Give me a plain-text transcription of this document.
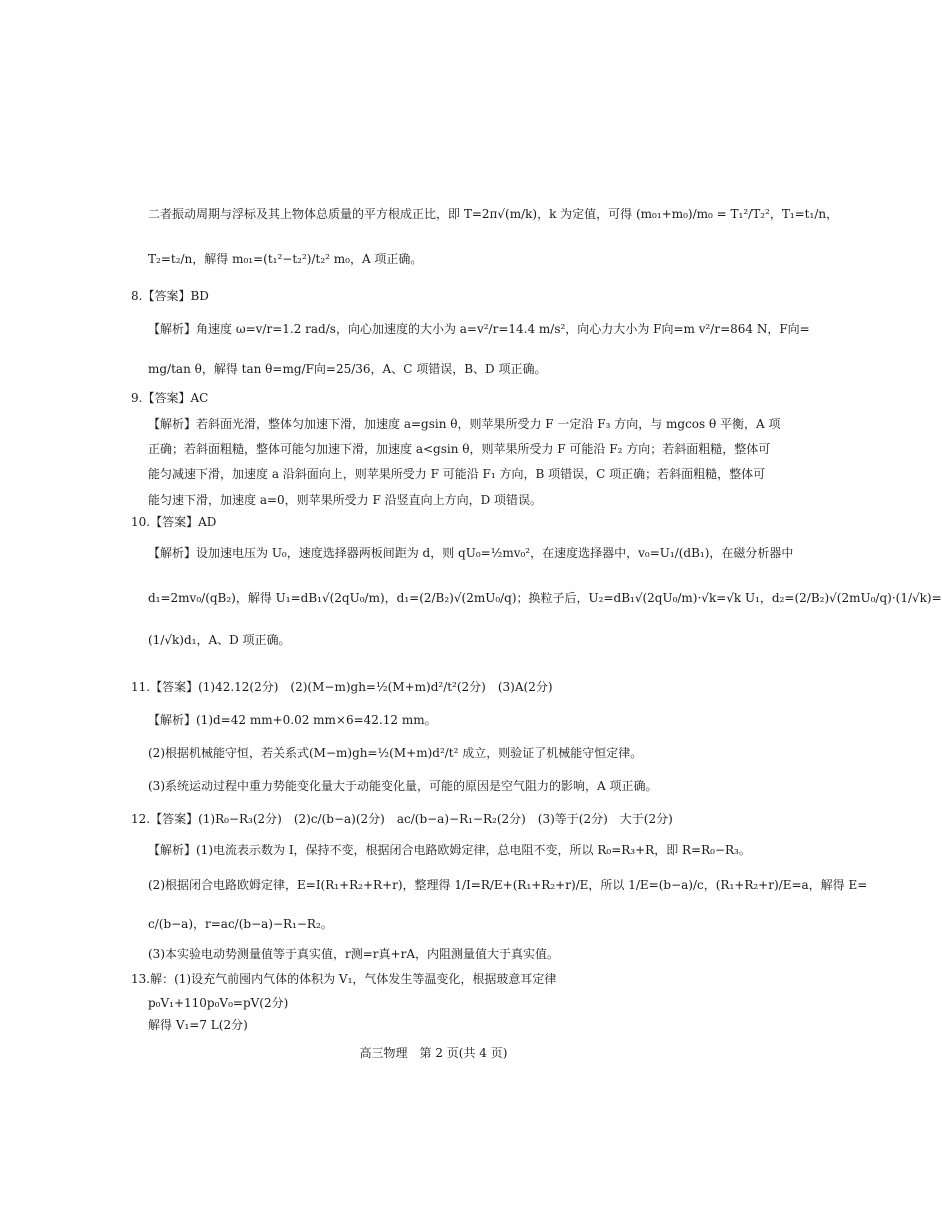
二者振动周期与浮标及其上物体总质量的平方根成正比，即 T=2π√(m/k)，k 为定值，可得 (m₀₁+m₀)/m₀ = T₁²/T₂²，T₁=t₁/n，
T₂=t₂/n，解得 m₀₁=(t₁²−t₂²)/t₂² m₀，A 项正确。
8.【答案】BD
【解析】角速度 ω=v/r=1.2 rad/s，向心加速度的大小为 a=v²/r=14.4 m/s²，向心力大小为 F向=m v²/r=864 N，F向=
mg/tan θ，解得 tan θ=mg/F向=25/36，A、C 项错误，B、D 项正确。
9.【答案】AC
【解析】若斜面光滑，整体匀加速下滑，加速度 a=gsin θ，则苹果所受力 F 一定沿 F₃ 方向，与 mgcos θ 平衡，A 项
正确；若斜面粗糙，整体可能匀加速下滑，加速度 a<gsin θ，则苹果所受力 F 可能沿 F₂ 方向；若斜面粗糙，整体可
能匀减速下滑，加速度 a 沿斜面向上，则苹果所受力 F 可能沿 F₁ 方向，B 项错误，C 项正确；若斜面粗糙，整体可
能匀速下滑，加速度 a=0，则苹果所受力 F 沿竖直向上方向，D 项错误。
10.【答案】AD
【解析】设加速电压为 U₀，速度选择器两板间距为 d，则 qU₀=½mv₀²，在速度选择器中，v₀=U₁/(dB₁)，在磁分析器中
d₁=2mv₀/(qB₂)，解得 U₁=dB₁√(2qU₀/m)，d₁=(2/B₂)√(2mU₀/q)；换粒子后，U₂=dB₁√(2qU₀/m)·√k=√k U₁，d₂=(2/B₂)√(2mU₀/q)·(1/√k)=
(1/√k)d₁，A、D 项正确。
11.【答案】(1)42.12(2分)　(2)(M−m)gh=½(M+m)d²/t²(2分)　(3)A(2分)
【解析】(1)d=42 mm+0.02 mm×6=42.12 mm。
(2)根据机械能守恒，若关系式(M−m)gh=½(M+m)d²/t² 成立，则验证了机械能守恒定律。
(3)系统运动过程中重力势能变化量大于动能变化量，可能的原因是空气阻力的影响，A 项正确。
12.【答案】(1)R₀−R₃(2分)　(2)c/(b−a)(2分)　ac/(b−a)−R₁−R₂(2分)　(3)等于(2分)　大于(2分)
【解析】(1)电流表示数为 I，保持不变，根据闭合电路欧姆定律，总电阻不变，所以 R₀=R₃+R，即 R=R₀−R₃。
(2)根据闭合电路欧姆定律，E=I(R₁+R₂+R+r)，整理得 1/I=R/E+(R₁+R₂+r)/E，所以 1/E=(b−a)/c，(R₁+R₂+r)/E=a，解得 E=
c/(b−a)，r=ac/(b−a)−R₁−R₂。
(3)本实验电动势测量值等于真实值，r测=r真+rA，内阻测量值大于真实值。
13.解：(1)设充气前囤内气体的体积为 V₁，气体发生等温变化，根据玻意耳定律
p₀V₁+110p₀V₀=pV(2分)
解得 V₁=7 L(2分)
高三物理　第 2 页(共 4 页)
